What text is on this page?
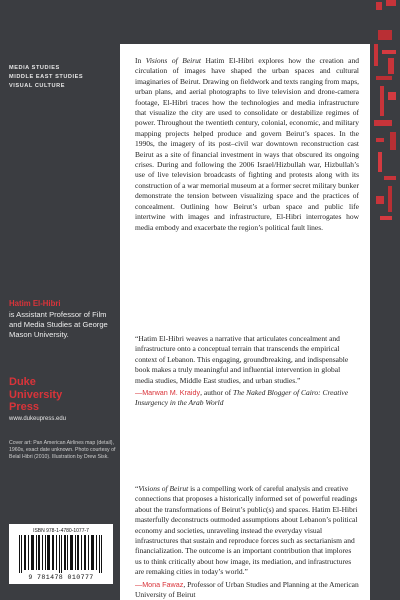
MEDIA STUDIES
MIDDLE EAST STUDIES
VISUAL CULTURE
Hatim El-Hibri
is Assistant Professor of Film and Media Studies at George Mason University.
Duke
University
Press
www.dukeupress.edu
Cover art: Pan American Airlines map (detail), 1960s, exact date unknown. Photo courtesy of Belal Hibri (2010). Illustration by Drew Sisk.
ISBN 978-1-4780-1077-7
9 781478 010777
In Visions of Beirut Hatim El-Hibri explores how the creation and circulation of images have shaped the urban spaces and cultural imaginaries of Beirut. Drawing on fieldwork and texts ranging from maps, urban plans, and aerial photographs to live television and drone-camera footage, El-Hibri traces how the technologies and media infrastructure that visualize the city are used to consolidate or destabilize regimes of power. Throughout the twentieth century, colonial, economic, and military mapping projects helped produce and govern Beirut’s spaces. In the 1990s, the imagery of its post–civil war downtown reconstruction cast Beirut as a site of financial investment in ways that obscured its ongoing crises. During and following the 2006 Israel/Hizbullah war, Hizbullah’s use of live television broadcasts of fighting and protests along with its construction of a war memorial museum at a former secret military bunker demonstrate the tension between visualizing space and the practices of concealment. Outlining how Beirut’s urban space and public life intertwine with images and infrastructure, El-Hibri interrogates how media embody and exacerbate the region’s political fault lines.
“Hatim El-Hibri weaves a narrative that articulates concealment and infrastructure onto a conceptual terrain that transcends the empirical context of Lebanon. This engaging, groundbreaking, and indispensable book makes a truly meaningful and influential intervention in global media studies, Middle East studies, and urban studies.”
—Marwan M. Kraidy, author of The Naked Blogger of Cairo: Creative Insurgency in the Arab World
“Visions of Beirut is a compelling work of careful analysis and creative connections that proposes a historically informed set of powerful readings about the transformations of Beirut’s public(s) and spaces. Hatim El-Hibri masterfully deconstructs outmoded assumptions about Lebanon’s political economy and societies, unraveling instead the everyday visual infrastructures that sustain and reproduce forces such as sectarianism and financialization. The outcome is an important contribution that implores us to think critically about how image, its mediation, and infrastructures are remaking cities in today’s world.”
—Mona Fawaz, Professor of Urban Studies and Planning at the American University of Beirut
